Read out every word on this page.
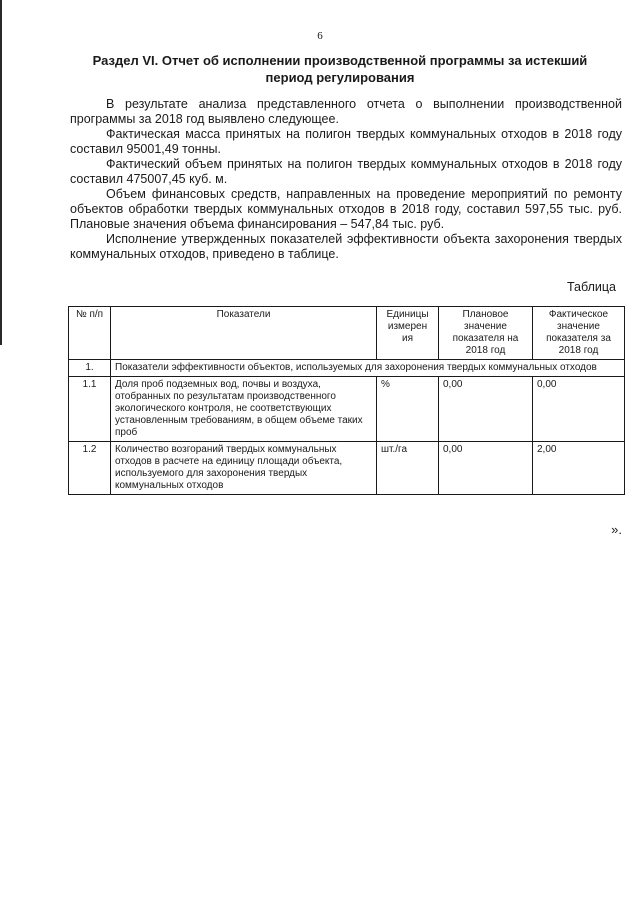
6
Раздел VI. Отчет об исполнении производственной программы за истекший период регулирования

В результате анализа представленного отчета о выполнении производственной программы за 2018 год выявлено следующее.

Фактическая масса принятых на полигон твердых коммунальных отходов в 2018 году составил 95001,49 тонны.

Фактический объем принятых на полигон твердых коммунальных отходов в 2018 году составил 475007,45 куб. м.

Объем финансовых средств, направленных на проведение мероприятий по ремонту объектов обработки твердых коммунальных отходов в 2018 году, составил 597,55 тыс. руб. Плановые значения объема финансирования – 547,84 тыс. руб.

Исполнение утвержденных показателей эффективности объекта захоронения твердых коммунальных отходов, приведено в таблице.

Таблица
№ п/п	Показатели	Единицы измерен ия	Плановое значение показателя на 2018 год	Фактическое значение показателя за 2018 год
1.	Показатели эффективности объектов, используемых для захоронения твердых коммунальных отходов			
1.1	Доля проб подземных вод, почвы и воздуха, отобранных по результатам производственного экологического контроля, не соответствующих установленным требованиям, в общем объеме таких проб	%	0,00	0,00
1.2	Количество возгораний твердых коммунальных отходов в расчете на единицу площади объекта, используемого для захоронения твердых коммунальных отходов	шт./га	0,00	2,00
».
